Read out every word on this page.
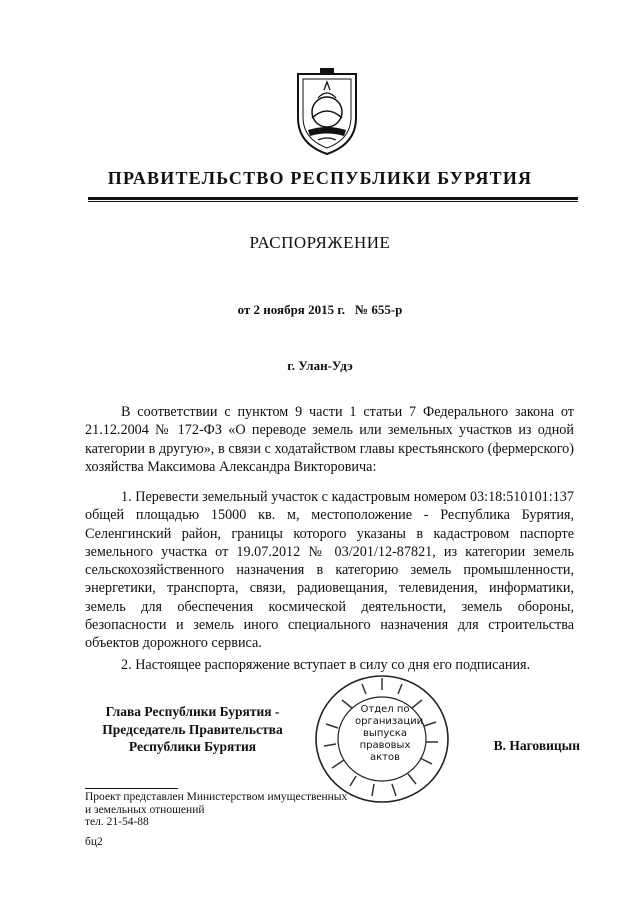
ПРАВИТЕЛЬСТВО РЕСПУБЛИКИ БУРЯТИЯ
РАСПОРЯЖЕНИЕ
от 2 ноября 2015 г. № 655-р
г. Улан-Удэ

В соответствии с пунктом 9 части 1 статьи 7 Федерального закона от 21.12.2004 № 172-ФЗ «О переводе земель или земельных участков из одной категории в другую», в связи с ходатайством главы крестьянского (фермерского) хозяйства Максимова Александра Викторовича:

1. Перевести земельный участок с кадастровым номером 03:18:510101:137 общей площадью 15000 кв. м, местоположение - Республика Бурятия, Селенгинский район, границы которого указаны в кадастровом паспорте земельного участка от 19.07.2012 № 03/201/12-87821, из категории земель сельскохозяйственного назначения в категорию земель промышленности, энергетики, транспорта, связи, радиовещания, телевидения, информатики, земель для обеспечения космической деятельности, земель обороны, безопасности и земель иного специального назначения для строительства объектов дорожного сервиса.

2. Настоящее распоряжение вступает в силу со дня его подписания.

Глава Республики Бурятия -
Председатель Правительства
Республики Бурятия
Отдел по
организации
выпуска
правовых
актов
В. Наговицын
Проект представлен Министерством имущественных
и земельных отношений
тел. 21-54-88
бц2
